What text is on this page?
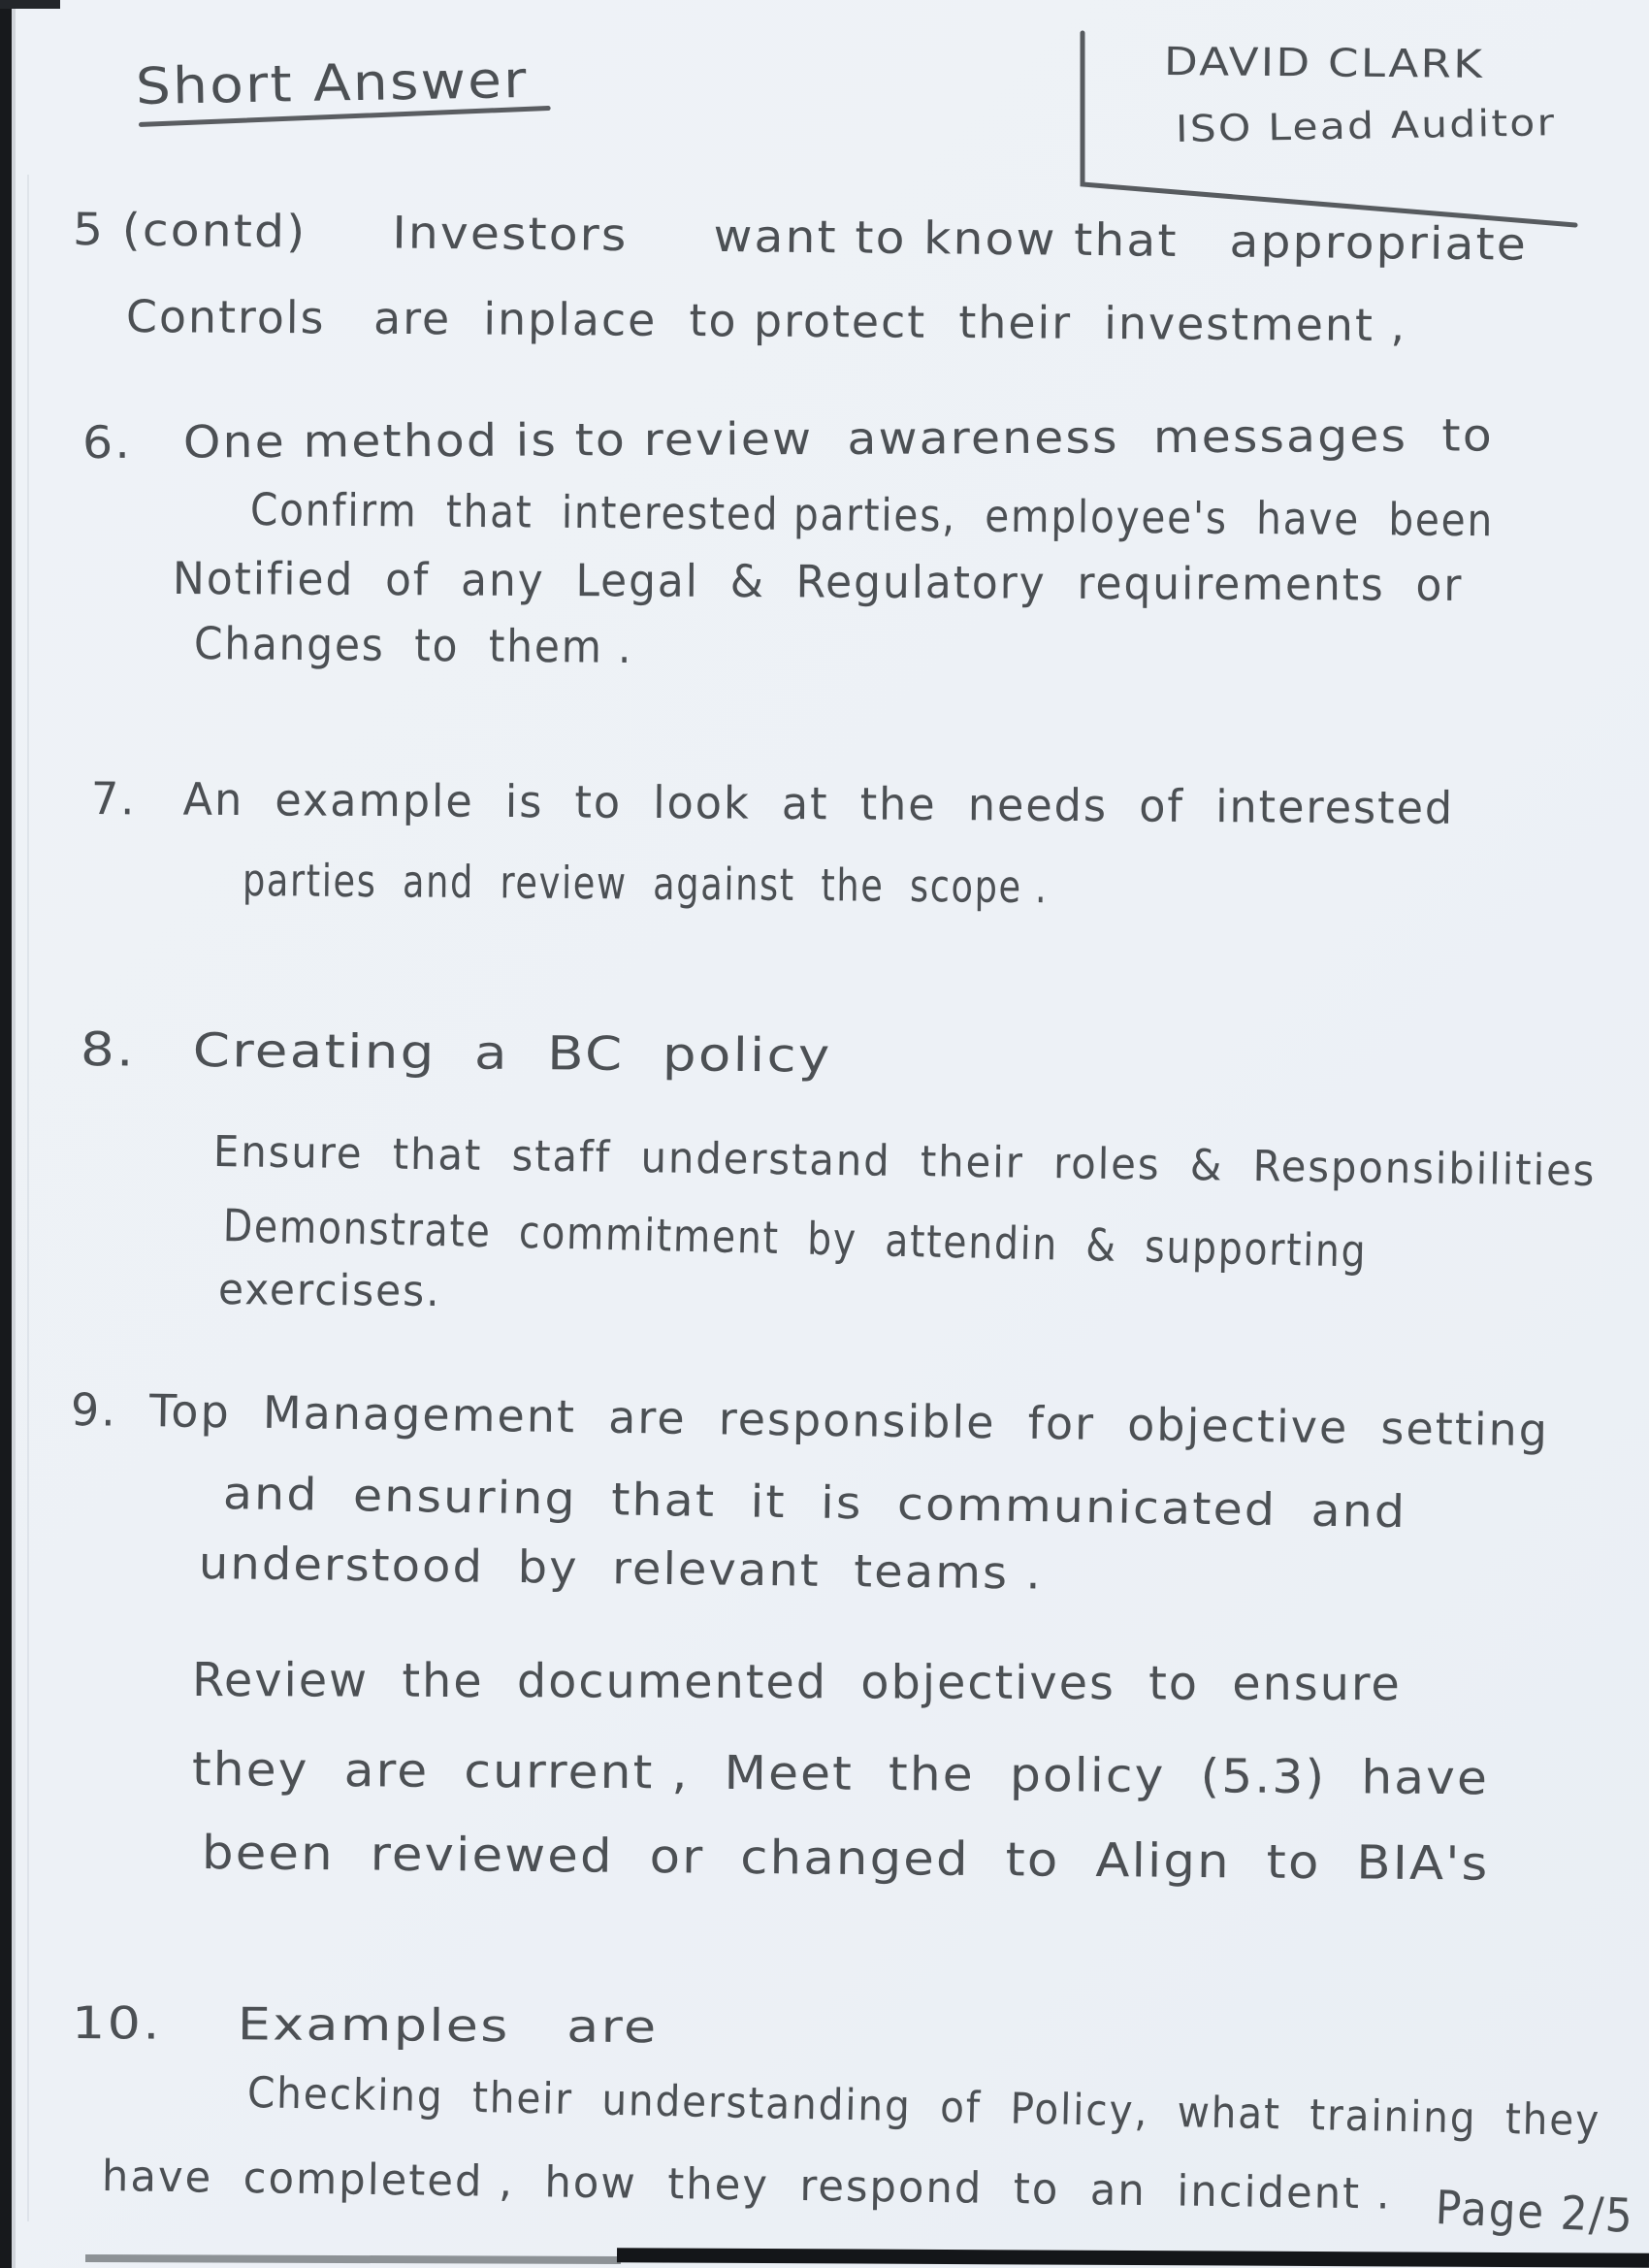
Short Answer	DAVID CLARK
ISO Lead Auditor
5 (contd)     Investors     want to know that   appropriate
Controls   are  inplace  to protect  their  investment ,
6.   One method is to review  awareness  messages  to
Confirm  that  interested parties,  employee's  have  been
Notified  of  any  Legal  &  Regulatory  requirements  or
Changes  to  them .
7.   An  example  is  to  look  at  the  needs  of  interested
parties  and  review  against  the  scope .
8.   Creating  a  BC  policy
Ensure  that  staff  understand  their  roles  &  Responsibilities
Demonstrate  commitment  by  attendin  &  supporting
exercises.
9.  Top  Management  are  responsible  for  objective  setting
and  ensuring  that  it  is  communicated  and
understood  by  relevant  teams .
Review  the  documented  objectives  to  ensure
they  are  current ,  Meet  the  policy  (5.3)  have
been  reviewed  or  changed  to  Align  to  BIA's
10.    Examples   are
Checking  their  understanding  of  Policy,  what  training  they
have  completed ,  how  they  respond  to  an  incident . Page 2/5
